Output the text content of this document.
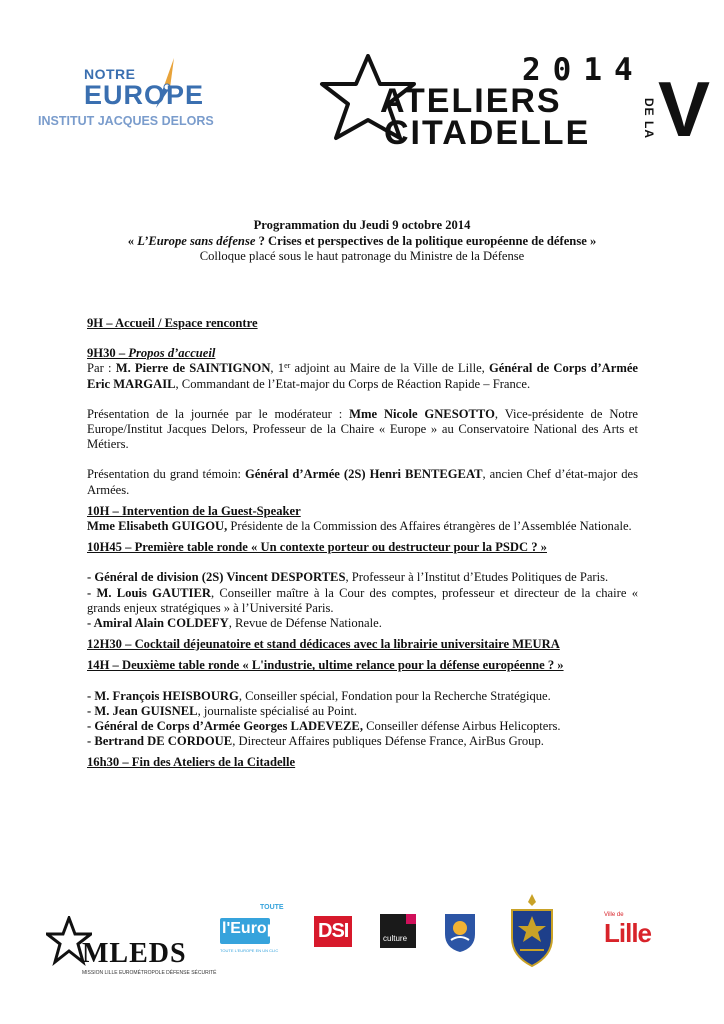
NOTRE
EUROPE
INSTITUT JACQUES DELORS
2014
ATELIERS
CITADELLE	DE LA V
Programmation du Jeudi 9 octobre 2014
« L’Europe sans défense ? Crises et perspectives de la politique européenne de défense »
Colloque placé sous le haut patronage du Ministre de la Défense

9H – Accueil / Espace rencontre

9H30 – Propos d’accueil

Par : M. Pierre de SAINTIGNON, 1er adjoint au Maire de la Ville de Lille, Général de Corps d’Armée Eric MARGAIL, Commandant de l’Etat-major du Corps de Réaction Rapide – France.

Présentation de la journée par le modérateur : Mme Nicole GNESOTTO, Vice-présidente de Notre Europe/Institut Jacques Delors, Professeur de la Chaire « Europe » au Conservatoire National des Arts et Métiers.

Présentation du grand témoin: Général d’Armée (2S) Henri BENTEGEAT, ancien Chef d’état-major des Armées.

10H – Intervention de la Guest-Speaker

Mme Elisabeth GUIGOU, Présidente de la Commission des Affaires étrangères de l’Assemblée Nationale.

10H45 – Première table ronde « Un contexte porteur ou destructeur pour la PSDC ? »

- Général de division (2S) Vincent DESPORTES, Professeur à l’Institut d’Etudes Politiques de Paris.

- M. Louis GAUTIER, Conseiller maître à la Cour des comptes, professeur et directeur de la chaire « grands enjeux stratégiques » à l’Université Paris.

- Amiral Alain COLDEFY, Revue de Défense Nationale.

12H30 – Cocktail déjeunatoire et stand dédicaces avec la librairie universitaire MEURA

14H – Deuxième table ronde « L'industrie, ultime relance pour la défense européenne ? »

- M. François HEISBOURG, Conseiller spécial, Fondation pour la Recherche Stratégique.

- M. Jean GUISNEL, journaliste spécialisé au Point.

- Général de Corps d’Armée Georges LADEVEZE, Conseiller défense Airbus Helicopters.

- Bertrand DE CORDOUE, Directeur Affaires publiques Défense France, AirBus Group.

16h30 – Fin des Ateliers de la Citadelle

MLEDS
MISSION LILLE EUROMÉTROPOLE DÉFENSE SÉCURITÉ
TOUTE
l'Europe
TOUTE L'EUROPE EN UN CLIC
DSI	culture
Ville de
Lille
